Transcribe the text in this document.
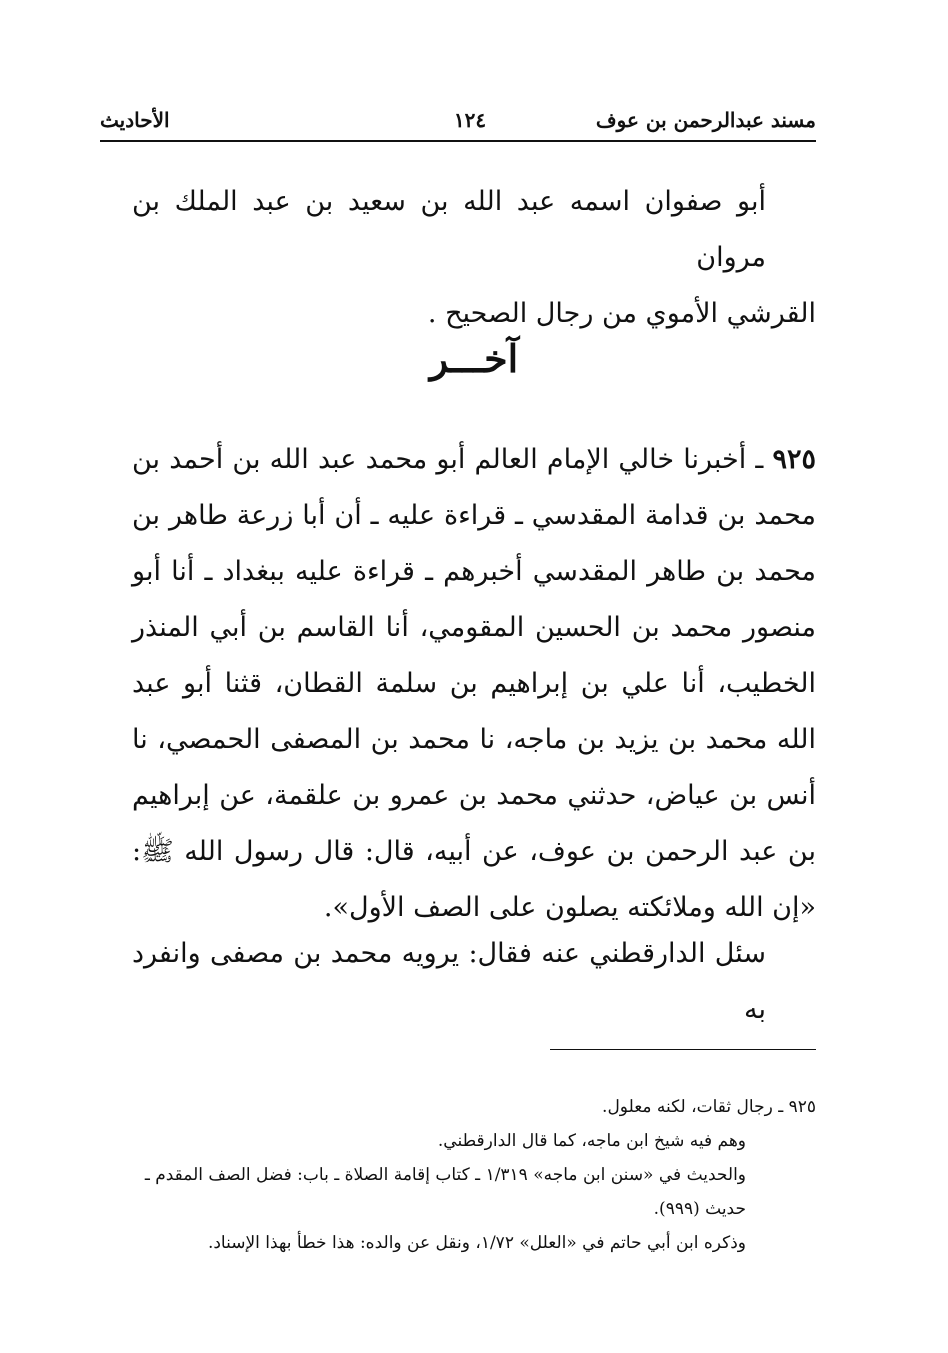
مسند عبدالرحمن بن عوف
١٢٤
الأحاديث
أبو صفوان اسمه عبد الله بن سعيد بن عبد الملك بن مروان
القرشي الأموي من رجال الصحيح .
آخـــر
٩٢٥ ـ أخبرنا خالي الإمام العالم أبو محمد عبد الله بن أحمد بن محمد بن قدامة المقدسي ـ قراءة عليه ـ أن أبا زرعة طاهر بن محمد بن طاهر المقدسي أخبرهم ـ قراءة عليه ببغداد ـ أنا أبو منصور محمد بن الحسين المقومي، أنا القاسم بن أبي المنذر الخطيب، أنا علي بن إبراهيم بن سلمة القطان، قثنا أبو عبد الله محمد بن يزيد بن ماجه، نا محمد بن المصفى الحمصي، نا أنس بن عياض، حدثني محمد بن عمرو بن علقمة، عن إبراهيم بن عبد الرحمن بن عوف، عن أبيه، قال: قال رسول الله ﷺ: «إن الله وملائكته يصلون على الصف الأول».
سئل الدارقطني عنه فقال: يرويه محمد بن مصفى وانفرد به
٩٢٥ ـ رجال ثقات، لكنه معلول.
وهم فيه شيخ ابن ماجه، كما قال الدارقطني.
والحديث في «سنن ابن ماجه» ١/٣١٩ ـ كتاب إقامة الصلاة ـ باب: فضل الصف المقدم ـ حديث (٩٩٩).
وذكره ابن أبي حاتم في «العلل» ١/٧٢، ونقل عن والده: هذا خطأ بهذا الإسناد.
